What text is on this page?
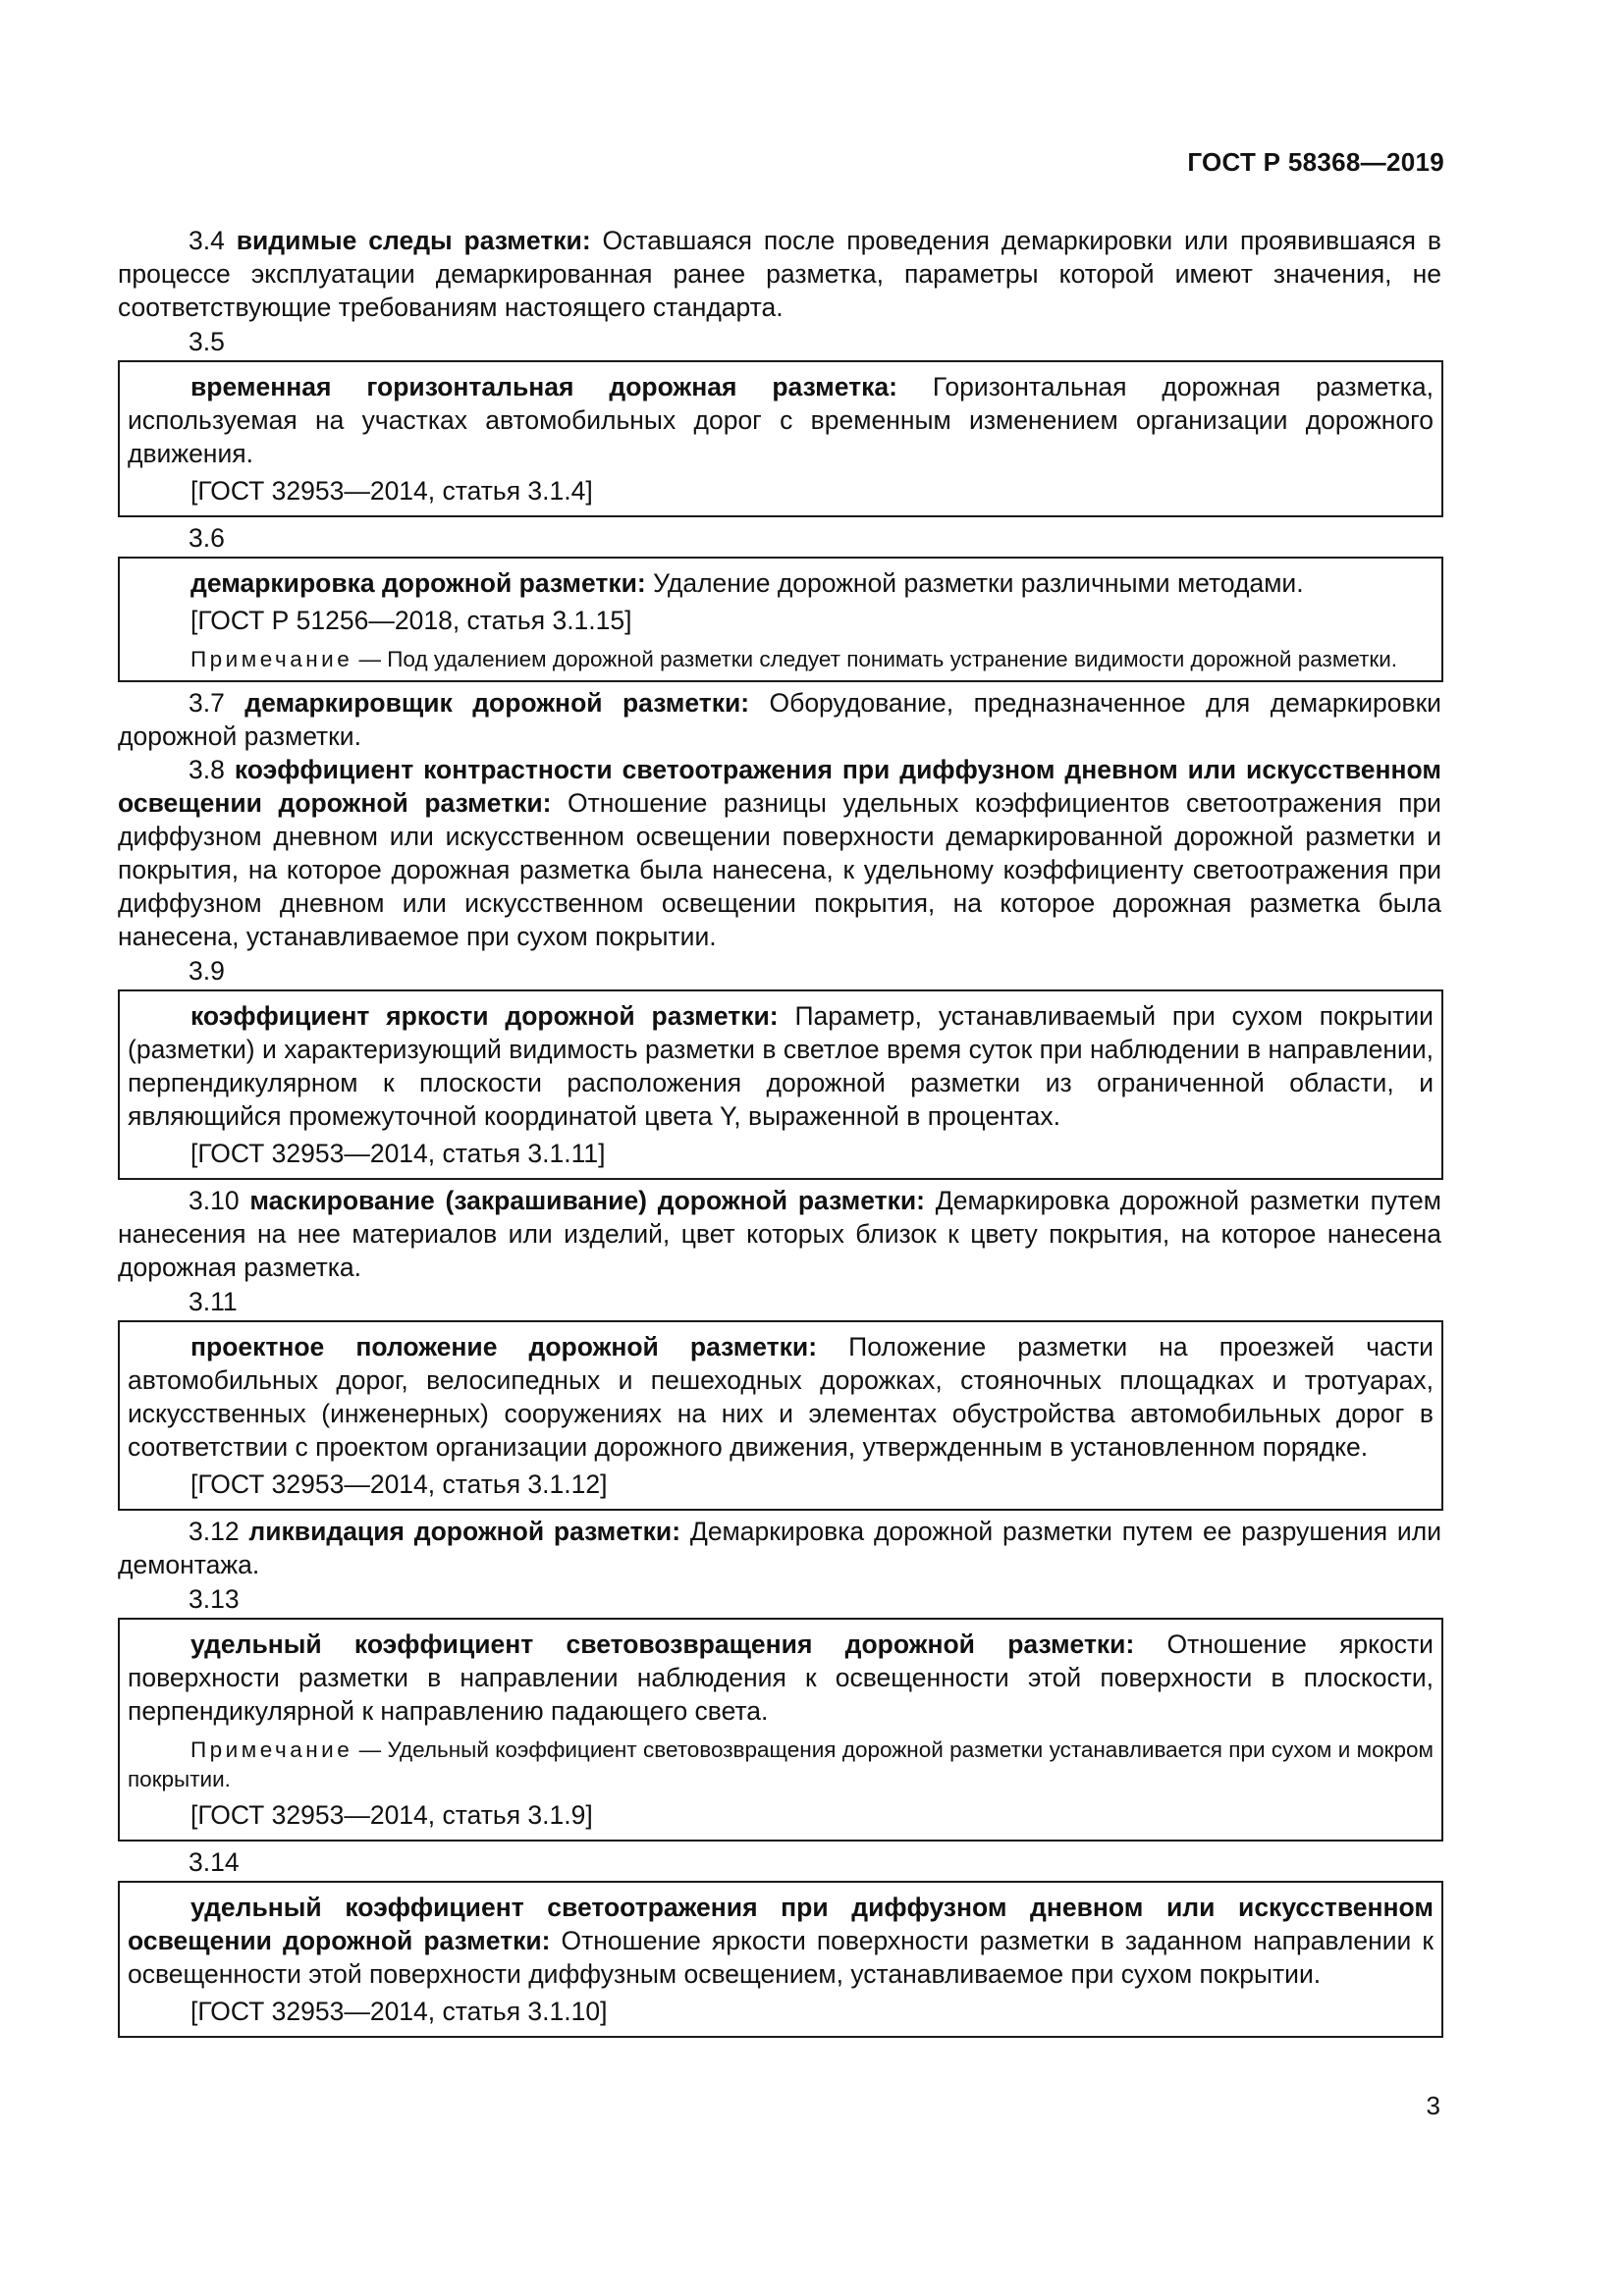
ГОСТ Р 58368—2019

3.4 видимые следы разметки: Оставшаяся после проведения демаркировки или проявившаяся в процессе эксплуатации демаркированная ранее разметка, параметры которой имеют значения, не соответствующие требованиям настоящего стандарта.

3.5

временная горизонтальная дорожная разметка: Горизонтальная дорожная разметка, используемая на участках автомобильных дорог с временным изменением организации дорожного движения.

[ГОСТ 32953—2014, статья 3.1.4]
3.6

демаркировка дорожной разметки: Удаление дорожной разметки различными методами.

[ГОСТ Р 51256—2018, статья 3.1.15]

Примечание — Под удалением дорожной разметки следует понимать устранение видимости дорожной разметки.

3.7 демаркировщик дорожной разметки: Оборудование, предназначенное для демаркировки дорожной разметки.

3.8 коэффициент контрастности светоотражения при диффузном дневном или искусственном освещении дорожной разметки: Отношение разницы удельных коэффициентов светоотражения при диффузном дневном или искусственном освещении поверхности демаркированной дорожной разметки и покрытия, на которое дорожная разметка была нанесена, к удельному коэффициенту светоотражения при диффузном дневном или искусственном освещении покрытия, на которое дорожная разметка была нанесена, устанавливаемое при сухом покрытии.

3.9

коэффициент яркости дорожной разметки: Параметр, устанавливаемый при сухом покрытии (разметки) и характеризующий видимость разметки в светлое время суток при наблюдении в направлении, перпендикулярном к плоскости расположения дорожной разметки из ограниченной области, и являющийся промежуточной координатой цвета Y, выраженной в процентах.

[ГОСТ 32953—2014, статья 3.1.11]

3.10 маскирование (закрашивание) дорожной разметки: Демаркировка дорожной разметки путем нанесения на нее материалов или изделий, цвет которых близок к цвету покрытия, на которое нанесена дорожная разметка.

3.11

проектное положение дорожной разметки: Положение разметки на проезжей части автомобильных дорог, велосипедных и пешеходных дорожках, стояночных площадках и тротуарах, искусственных (инженерных) сооружениях на них и элементах обустройства автомобильных дорог в соответствии с проектом организации дорожного движения, утвержденным в установленном порядке.

[ГОСТ 32953—2014, статья 3.1.12]

3.12 ликвидация дорожной разметки: Демаркировка дорожной разметки путем ее разрушения или демонтажа.

3.13

удельный коэффициент световозвращения дорожной разметки: Отношение яркости поверхности разметки в направлении наблюдения к освещенности этой поверхности в плоскости, перпендикулярной к направлению падающего света.

Примечание — Удельный коэффициент световозвращения дорожной разметки устанавливается при сухом и мокром покрытии.

[ГОСТ 32953—2014, статья 3.1.9]
3.14

удельный коэффициент светоотражения при диффузном дневном или искусственном освещении дорожной разметки: Отношение яркости поверхности разметки в заданном направлении к освещенности этой поверхности диффузным освещением, устанавливаемое при сухом покрытии.

[ГОСТ 32953—2014, статья 3.1.10]
3
